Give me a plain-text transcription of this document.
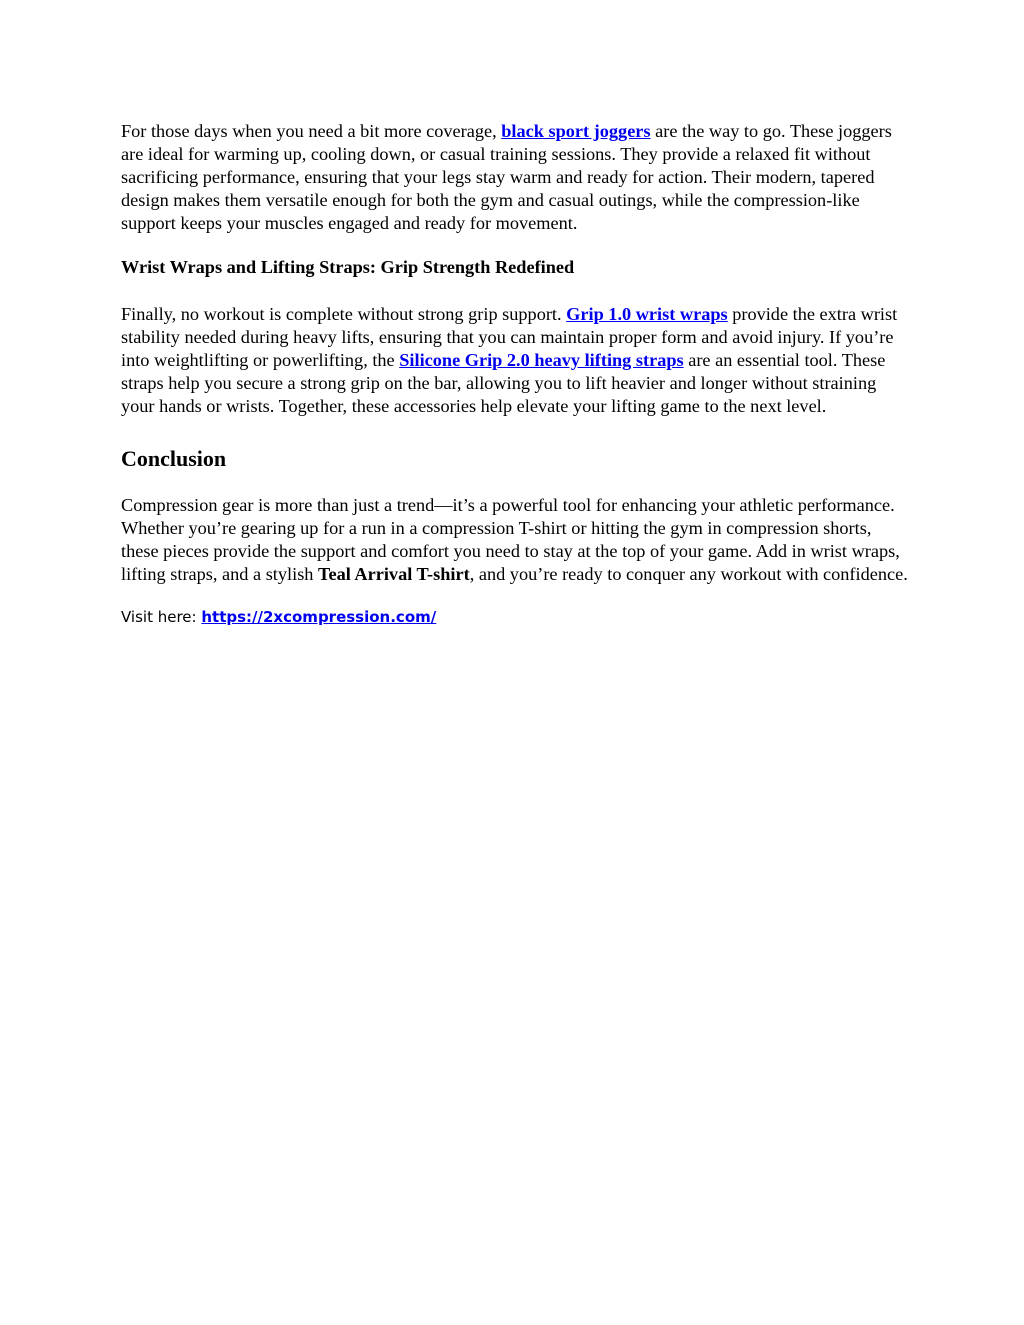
For those days when you need a bit more coverage, black sport joggers are the way to go. These joggers are ideal for warming up, cooling down, or casual training sessions. They provide a relaxed fit without sacrificing performance, ensuring that your legs stay warm and ready for action. Their modern, tapered design makes them versatile enough for both the gym and casual outings, while the compression-like support keeps your muscles engaged and ready for movement.

Wrist Wraps and Lifting Straps: Grip Strength Redefined

Finally, no workout is complete without strong grip support. Grip 1.0 wrist wraps provide the extra wrist stability needed during heavy lifts, ensuring that you can maintain proper form and avoid injury. If you’re into weightlifting or powerlifting, the Silicone Grip 2.0 heavy lifting straps are an essential tool. These straps help you secure a strong grip on the bar, allowing you to lift heavier and longer without straining your hands or wrists. Together, these accessories help elevate your lifting game to the next level.

Conclusion

Compression gear is more than just a trend—it’s a powerful tool for enhancing your athletic performance. Whether you’re gearing up for a run in a compression T-shirt or hitting the gym in compression shorts, these pieces provide the support and comfort you need to stay at the top of your game. Add in wrist wraps, lifting straps, and a stylish Teal Arrival T-shirt, and you’re ready to conquer any workout with confidence.

Visit here: https://2xcompression.com/
